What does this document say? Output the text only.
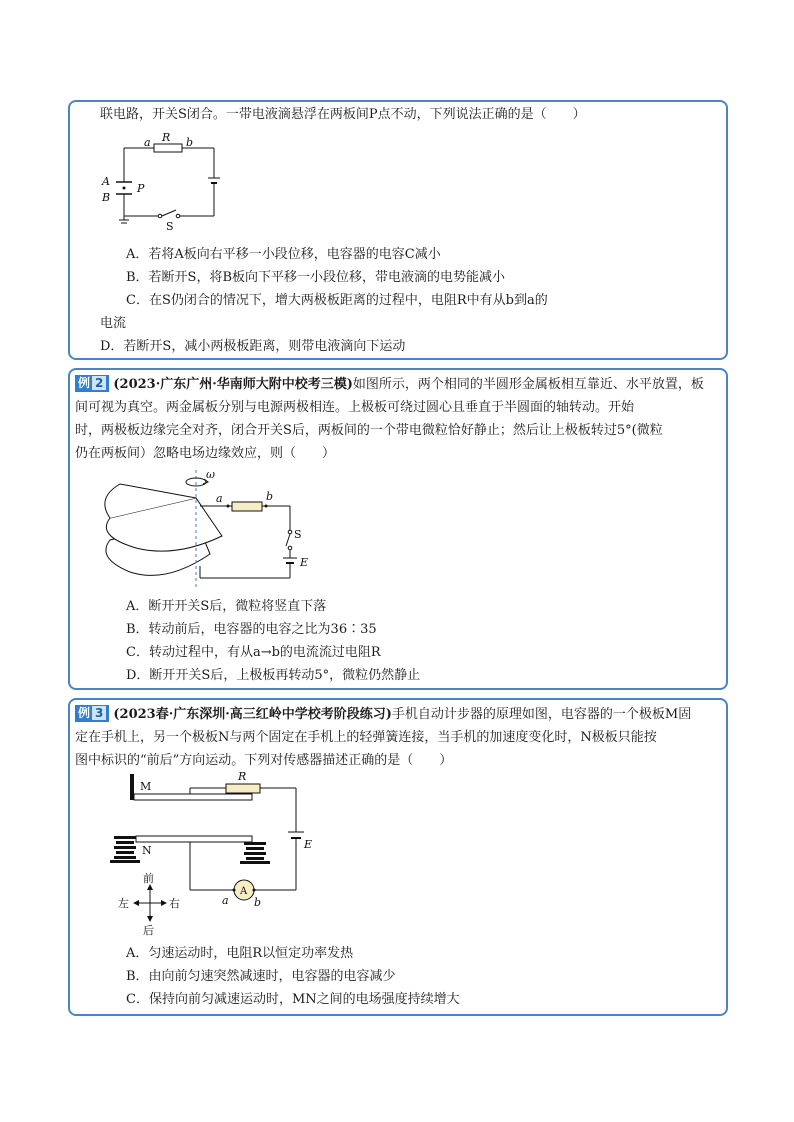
联电路，开关S闭合。一带电液滴悬浮在两板间P点不动，下列说法正确的是（　　）
a R b
A
B
P
S
A．若将A板向右平移一小段位移，电容器的电容C减小
B．若断开S，将B板向下平移一小段位移，带电液滴的电势能减小
C．在S仍闭合的情况下，增大两极板距离的过程中，电阻R中有从b到a的
电流
D．若断开S，减小两极板距离，则带电液滴向下运动
例 2 (2023·广东广州·华南师大附中校考三模)如图所示，两个相同的半圆形金属板相互靠近、水平放置，板
间可视为真空。两金属板分别与电源两极相连。上极板可绕过圆心且垂直于半圆面的轴转动。开始
时，两极板边缘完全对齐，闭合开关S后，两板间的一个带电微粒恰好静止；然后让上极板转过5°(微粒
仍在两板间）忽略电场边缘效应，则（　　）
ω
a	b
S
E
A．断开开关S后，微粒将竖直下落
B．转动前后，电容器的电容之比为36∶35
C．转动过程中，有从a→b的电流流过电阻R
D．断开开关S后，上极板再转动5°，微粒仍然静止
例 3 (2023春·广东深圳·高三红岭中学校考阶段练习)手机自动计步器的原理如图，电容器的一个极板M固
定在手机上，另一个极板N与两个固定在手机上的轻弹簧连接，当手机的加速度变化时，N极板只能按
图中标识的“前后”方向运动。下列对传感器描述正确的是（　　）
R
M
N	E
A
a b
前
后
左	右
A．匀速运动时，电阻R以恒定功率发热
B．由向前匀速突然减速时，电容器的电容减少
C．保持向前匀减速运动时，MN之间的电场强度持续增大
